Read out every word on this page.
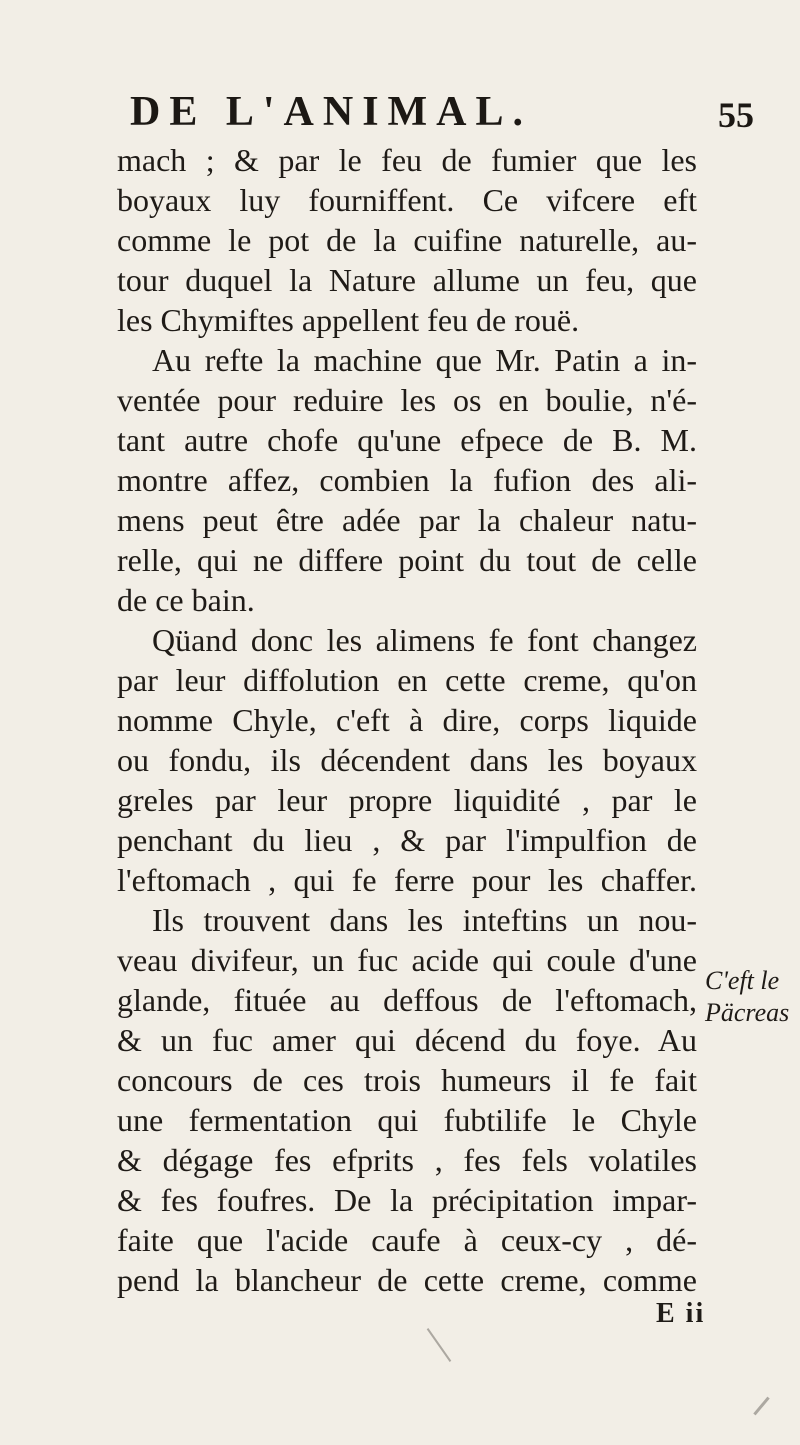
DE L'ANIMAL.	55
mach ; & par le feu de fumier que les
boyaux luy fourniffent. Ce vifcere eft
comme le pot de la cuifine naturelle, au-
tour duquel la Nature allume un feu, que
les Chymiftes appellent feu de rouë.
Au refte la machine que Mr. Patin a in-
ventée pour reduire les os en boulie, n'é-
tant autre chofe qu'une efpece de B. M.
montre affez, combien la fufion des ali-
mens peut être adée par la chaleur natu-
relle, qui ne differe point du tout de celle
de ce bain.
Qüand donc les alimens fe font changez
par leur diffolution en cette creme, qu'on
nomme Chyle, c'eft à dire, corps liquide
ou fondu, ils décendent dans les boyaux
greles par leur propre liquidité , par le
penchant du lieu , & par l'impulfion de
l'eftomach , qui fe ferre pour les chaffer.
Ils trouvent dans les inteftins un nou-
veau divifeur, un fuc acide qui coule d'une
glande, fituée au deffous de l'eftomach,
& un fuc amer qui décend du foye. Au
concours de ces trois humeurs il fe fait
une fermentation qui fubtilife le Chyle
& dégage fes efprits , fes fels volatiles
& fes foufres. De la précipitation impar-
faite que l'acide caufe à ceux-cy , dé-
pend la blancheur de cette creme, comme
C'eft le
Päcreas
E ii
